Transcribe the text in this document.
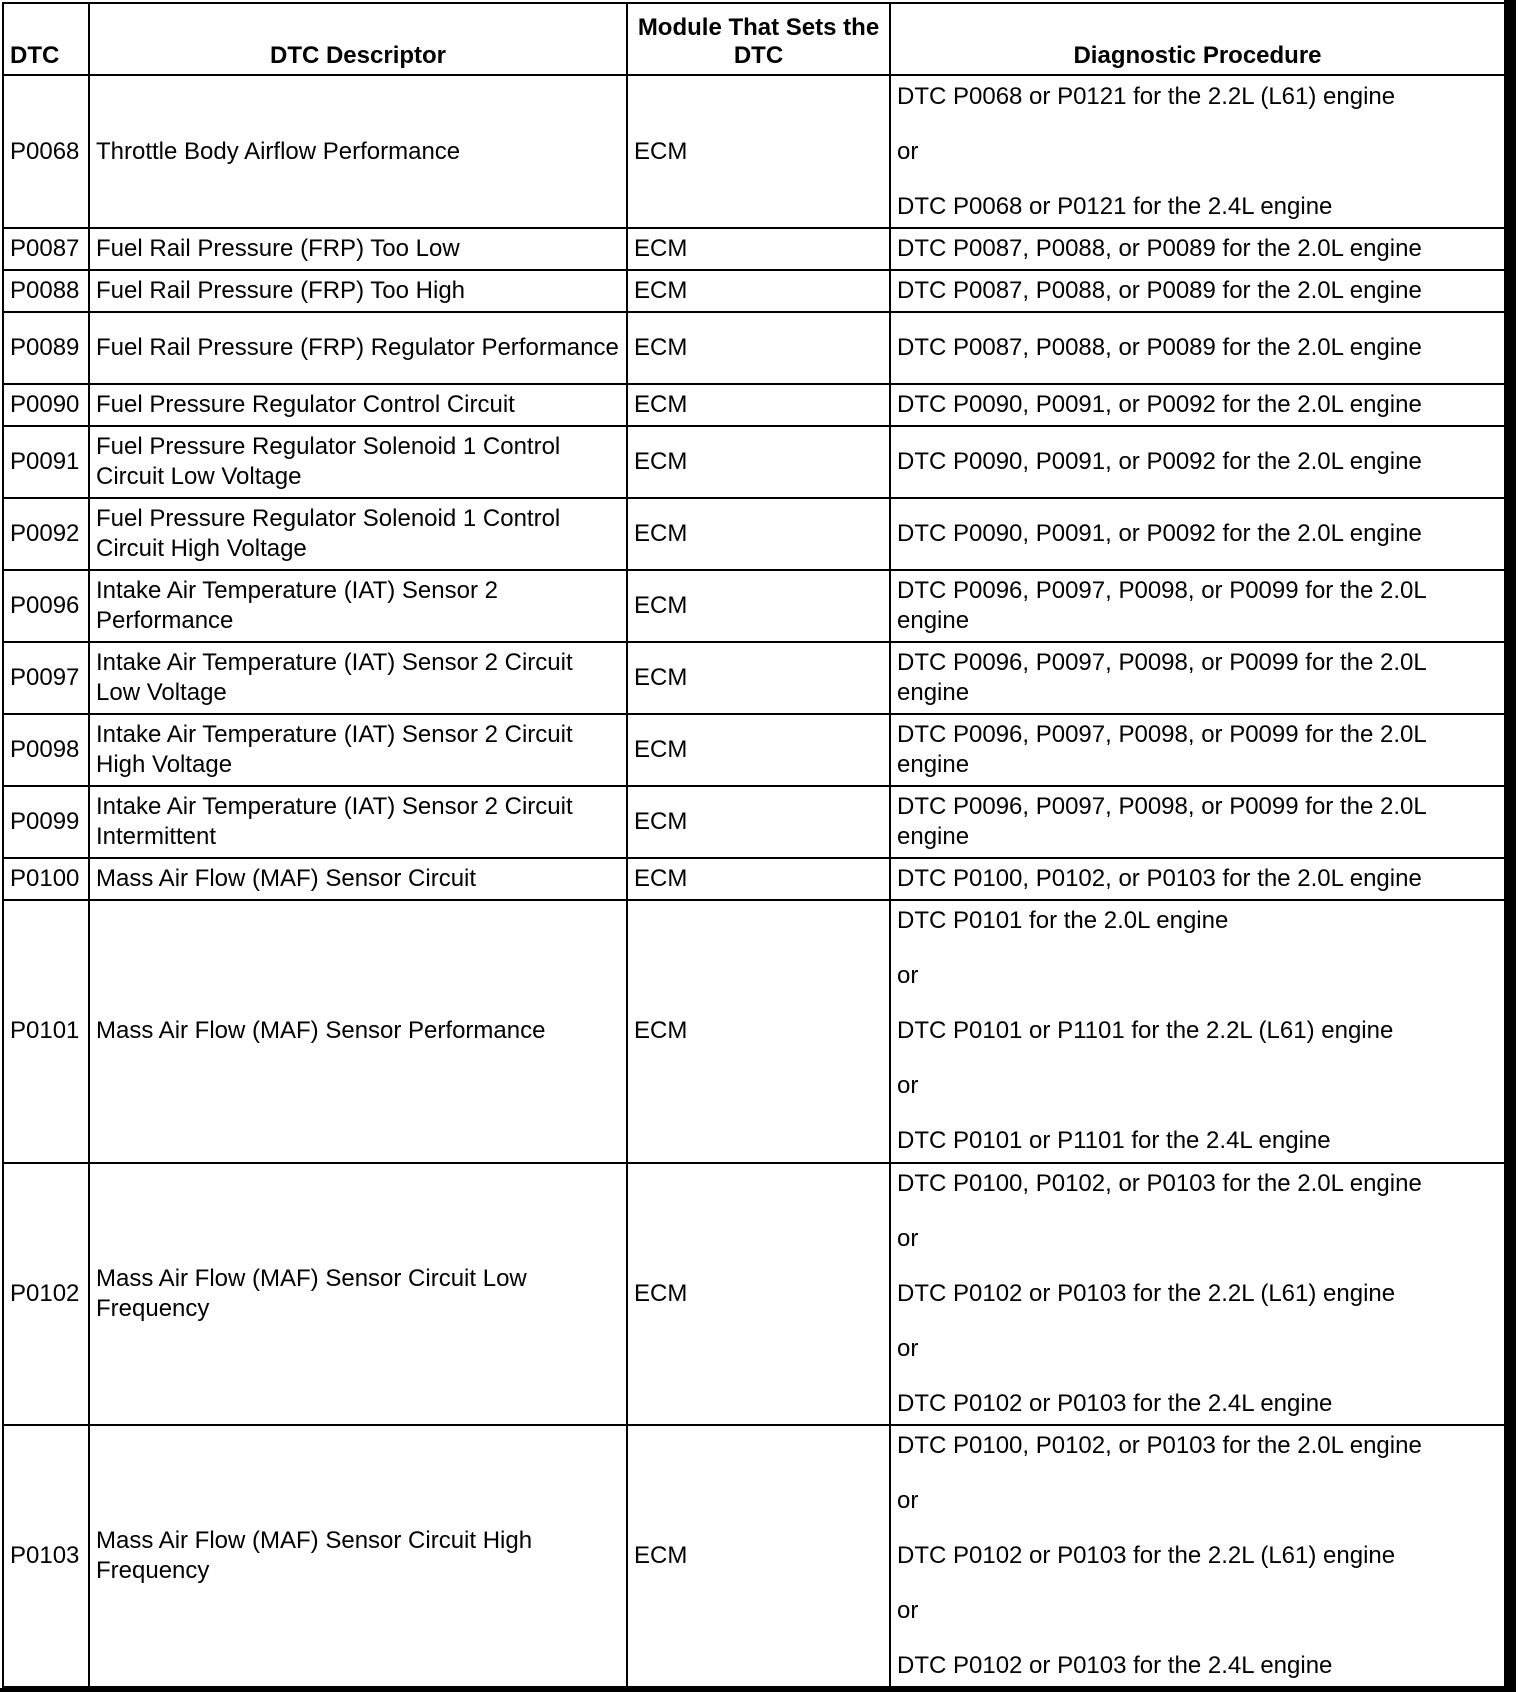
DTC	DTC Descriptor	Module That Sets the DTC	Diagnostic Procedure
P0068	Throttle Body Airflow Performance	ECM	DTC P0068 or P0121 for the 2.2L (L61) engine
or
DTC P0068 or P0121 for the 2.4L engine

P0087	Fuel Rail Pressure (FRP) Too Low	ECM	DTC P0087, P0088, or P0089 for the 2.0L engine

P0088	Fuel Rail Pressure (FRP) Too High	ECM	DTC P0087, P0088, or P0089 for the 2.0L engine

P0089	Fuel Rail Pressure (FRP) Regulator Performance	ECM	DTC P0087, P0088, or P0089 for the 2.0L engine

P0090	Fuel Pressure Regulator Control Circuit	ECM	DTC P0090, P0091, or P0092 for the 2.0L engine

P0091	Fuel Pressure Regulator Solenoid 1 Control Circuit Low Voltage	ECM	DTC P0090, P0091, or P0092 for the 2.0L engine

P0092	Fuel Pressure Regulator Solenoid 1 Control Circuit High Voltage	ECM	DTC P0090, P0091, or P0092 for the 2.0L engine

P0096	Intake Air Temperature (IAT) Sensor 2 Performance	ECM	DTC P0096, P0097, P0098, or P0099 for the 2.0L engine

P0097	Intake Air Temperature (IAT) Sensor 2 Circuit Low Voltage	ECM	DTC P0096, P0097, P0098, or P0099 for the 2.0L engine

P0098	Intake Air Temperature (IAT) Sensor 2 Circuit High Voltage	ECM	DTC P0096, P0097, P0098, or P0099 for the 2.0L engine

P0099	Intake Air Temperature (IAT) Sensor 2 Circuit Intermittent	ECM	DTC P0096, P0097, P0098, or P0099 for the 2.0L engine

P0100	Mass Air Flow (MAF) Sensor Circuit	ECM	DTC P0100, P0102, or P0103 for the 2.0L engine

P0101	Mass Air Flow (MAF) Sensor Performance	ECM	DTC P0101 for the 2.0L engine
or
DTC P0101 or P1101 for the 2.2L (L61) engine
or
DTC P0101 or P1101 for the 2.4L engine

P0102	Mass Air Flow (MAF) Sensor Circuit Low Frequency	ECM	DTC P0100, P0102, or P0103 for the 2.0L engine
or
DTC P0102 or P0103 for the 2.2L (L61) engine
or
DTC P0102 or P0103 for the 2.4L engine

P0103	Mass Air Flow (MAF) Sensor Circuit High Frequency	ECM	DTC P0100, P0102, or P0103 for the 2.0L engine
or
DTC P0102 or P0103 for the 2.2L (L61) engine
or
DTC P0102 or P0103 for the 2.4L engine
